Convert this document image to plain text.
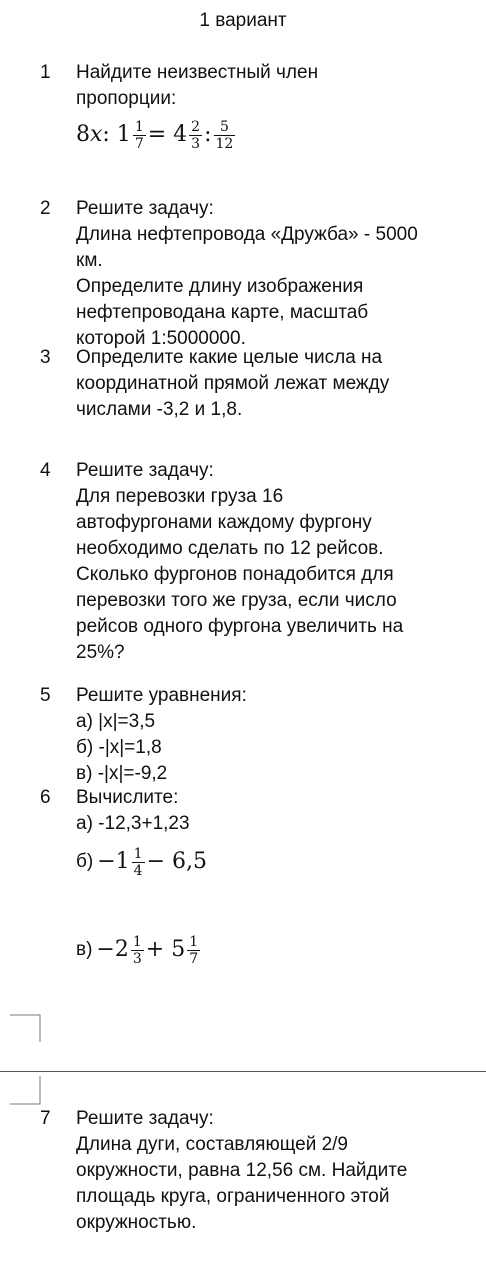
1 вариант
1 Найдите неизвестный член
пропорции:
8𝑥: $1 \frac{1}{7} = 4 \frac{2}{3}$ : $\frac{5}{12}$
2 Решите задачу:
Длина нефтепровода «Дружба» - 5000
км.
Определите длину изображения
нефтепроводана карте, масштаб
которой 1:5000000.
3 Определите какие целые числа на
координатной прямой лежат между
числами -3,2 и 1,8.
4 Решите задачу:
Для перевозки груза 16
автофургонами каждому фургону
необходимо сделать по 12 рейсов.
Сколько фургонов понадобится для
перевозки того же груза, если число
рейсов одного фургона увеличить на
25%?
5 Решите уравнения:
а) |x|=3,5
б) -|x|=1,8
в) -|x|=-9,2
6 Вычислите:
а) -12,3+1,23
$б) -1 \frac{1}{4} - 6,5$
$в) -2 \frac{1}{3} + 5 \frac{1}{7}$
7 Решите задачу:
Длина дуги, составляющей 2/9
окружности, равна 12,56 см. Найдите
площадь круга, ограниченного этой
окружностью.
